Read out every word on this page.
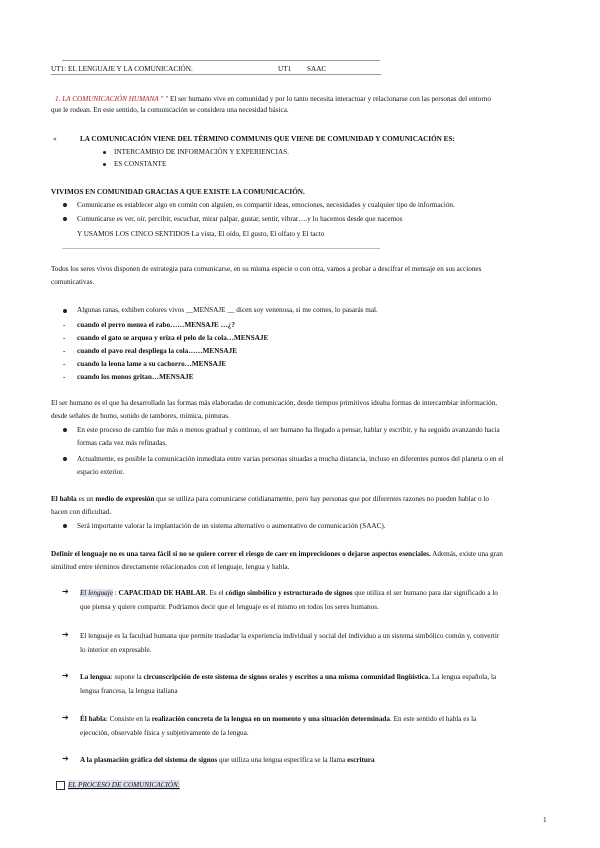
UT1: EL LENGUAJE Y LA COMUNICACIÓN.	UT1 SAAC
1. LA COMUNICACIÓN HUMANA " " El ser humano vive en comunidad y por lo tanto necesita interactuar y relacionarse con las personas del entorno
que le rodean. En este sentido, la comunicación se considera una necesidad básica.
«	LA COMUNICACIÓN VIENE DEL TÉRMINO COMMUNIS QUE VIENE DE COMUNIDAD Y COMUNICACIÓN ES:
INTERCAMBIO DE INFORMACIÓN Y EXPERIENCIAS.
ES CONSTANTE
VIVIMOS EN COMUNIDAD GRACIAS A QUE EXISTE LA COMUNICACIÓN.
Comunicarse es establecer algo en común con alguien, es compartir ideas, emociones, necesidades y cualquier tipo de información.
Comunicarse es ver, oír, percibir, escuchar, mirar palpar, gustar, sentir, vibrar….y lo hacemos desde que nacemos
Y USAMOS LOS CINCO SENTIDOS La vista, El oído, El gusto, El olfato y El tacto
Todos los seres vivos disponen de estrategia para comunicarse, en su misma especie o con otra, vamos a probar a descifrar el mensaje en sus acciones
comunicativas.
Algunas ranas, exhiben colores vivos __MENSAJE __ dicen soy venenosa, si me comes, lo pasarás mal.
- cuando el perro menea el rabo……MENSAJE …¿?
- cuando el gato se arquea y eriza el pelo de la cola…MENSAJE
- cuando el pavo real despliega la cola……MENSAJE
- cuando la leona lame a su cachorro…MENSAJE
- cuando los monos gritan…MENSAJE
El ser humano es el que ha desarrollado las formas más elaboradas de comunicación, desde tiempos primitivos ideaba formas de intercambiar información,
desde señales de humo, sonido de tambores, mímica, pinturas.
En este proceso de cambio fue más o menos gradual y continuo, el ser humano ha llegado a pensar, hablar y escribir, y ha seguido avanzando hacia
formas cada vez más refinadas.
Actualmente, es posible la comunicación inmediata entre varias personas situadas a mucha distancia, incluso en diferentes puntos del planeta o en el
espacio exterior.
El habla es un medio de expresión que se utiliza para comunicarse cotidianamente, pero hay personas que por diferentes razones no pueden hablar o lo
hacen con dificultad.
Será importante valorar la implantación de un sistema alternativo o aumentativo de comunicación (SAAC).
Definir el lenguaje no es una tarea fácil si no se quiere correr el riesgo de caer en imprecisiones o dejarse aspectos esenciales. Además, existe una gran
similitud entre términos directamente relacionados con el lenguaje, lengua y habla.
➔ El lenguaje : CAPACIDAD DE HABLAR. Es el código simbólico y estructurado de signos que utiliza el ser humano para dar significado a lo
que piensa y quiere compartir. Podríamos decir que el lenguaje es el mismo en todos los seres humanos.
➔ El lenguaje es la facultad humana que permite trasladar la experiencia individual y social del individuo a un sistema simbólico común y, convertir
lo interior en expresable.
➔ La lengua: supone la circunscripción de este sistema de signos orales y escritos a una misma comunidad lingüística. La lengua española, la
lengua francesa, la lengua italiana
➔ Él habla: Consiste en la realización concreta de la lengua en un momento y una situación determinada. En este sentido el habla es la
ejecución, observable física y subjetivamente de la lengua.
➔ A la plasmación gráfica del sistema de signos que utiliza una lengua específica se la llama escritura
EL PROCESO DE COMUNICACIÓN.
1
